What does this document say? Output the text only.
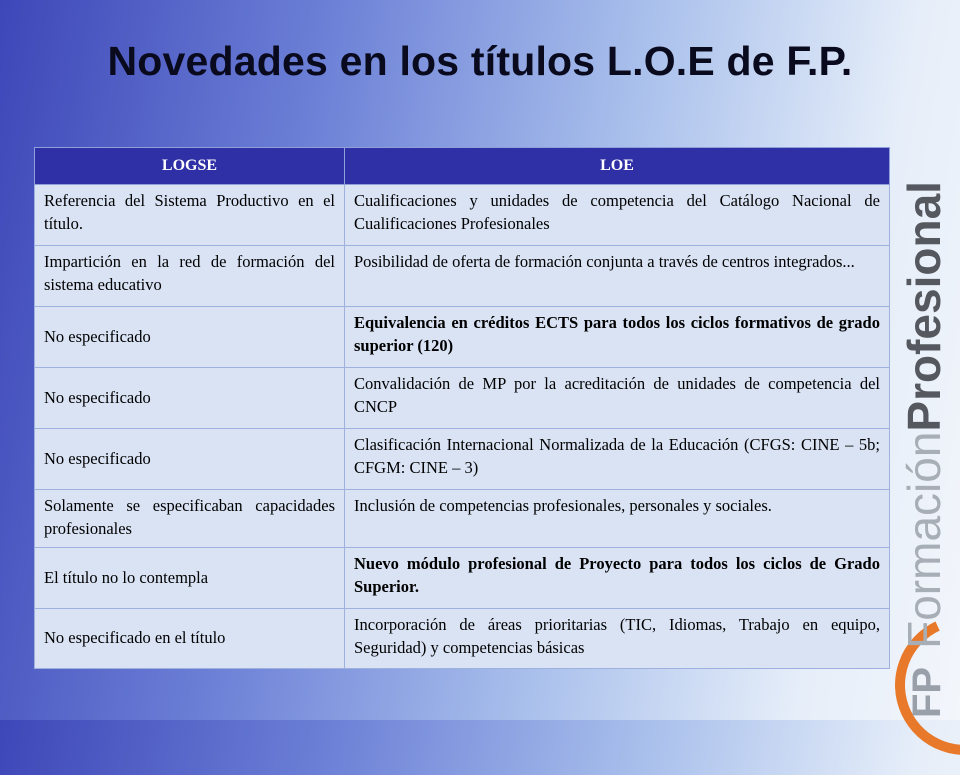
Novedades en los títulos L.O.E de F.P.
LOGSE	LOE
Referencia del Sistema Productivo en el título.	Cualificaciones y unidades de competencia del Catálogo Nacional de Cualificaciones Profesionales
Impartición en la red de formación del sistema educativo	Posibilidad de oferta de formación conjunta a través de centros integrados...
No especificado	Equivalencia en créditos ECTS para todos los ciclos formativos de grado superior (120)
No especificado	Convalidación de MP por la acreditación de unidades de competencia del CNCP
No especificado	Clasificación Internacional Normalizada de la Educación (CFGS: CINE – 5b; CFGM: CINE – 3)
Solamente se especificaban capacidades profesionales	Inclusión de competencias profesionales, personales y sociales.
El título no lo contempla	Nuevo módulo profesional de Proyecto para todos los ciclos de Grado Superior.
No especificado en el título	Incorporación de áreas prioritarias (TIC, Idiomas, Trabajo en equipo, Seguridad) y competencias básicas
FPFormaciónProfesional
